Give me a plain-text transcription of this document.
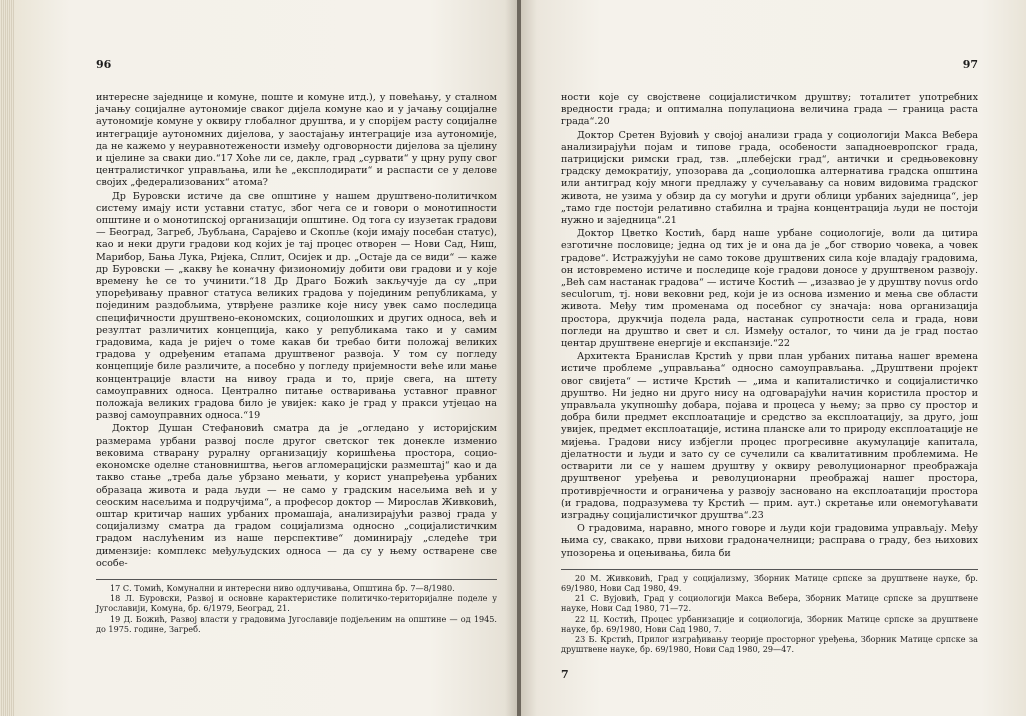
96

интересне заједнице и комуне, поште и комуне итд.), у повећању, у сталном јачању социјалне аутономије сваког дијела комуне као и у јачању социјалне аутономије комуне у оквиру глобалног друштва, и у спорijем расту социјалне интеграције аутономних дијелова, у заостајању интеграције иза аутономије, да не кажемо у неуравнотежености између одговорности дијелова за цјелину и цјелине за сваки дио.“17 Хоће ли се, дакле, град „сурвати“ у црну рупу свог централистичког управљања, или ће „експлодирати“ и распасти се у делове својих „федерализованих“ атома?

Др Буровски истиче да све општине у нашем друштвено-политичком систему имају исти уставни статус, због чега се и говори о монотипности општине и о монотипској организацији општине. Од тога су изузетак градови — Београд, Загреб, Љубљана, Сарајево и Скопље (који имају посебан статус), као и неки други градови код којих је тај процес отворен — Нови Сад, Ниш, Марибор, Бања Лука, Ријека, Сплит, Осијек и др. „Остаје да се види“ — каже др Буровски — „какву ће коначну физиономију добити ови градови и у које времену ће се то учинити.“18 Др Драго Божић закључује да су „при упоређивању правног статуса великих градова у појединим републикама, у појединим раздобљима, утврђене разлике које нису увек само последица специфичности друштвено-економских, социолошких и других односа, већ и резултат различитих концепција, како у републикама тако и у самим градовима, када је ријеч о томе какав би требао бити положај великих градова у одређеним етапама друштвеног развоја. У том су погледу концепције биле различите, а посебно у погледу пријемности веће или мање концентрације власти на нивоу града и то, прије свега, на штету самоуправних односа. Централно питање остваривања уставног правног положаја великих градова било је увијек: како је град у пракси утјецао на развој самоуправних односа.“19

Доктор Душан Стефановић сматра да је „огледано у историјским размерама урбани развој после другог светског тек донекле изменио вековима стварану руралну организацију коришћења простора, социо-економске оделне становништва, његов агломерацијски размештај“ као и да такво стање „треба даље убрзано мењати, у корист унапређења урбаних образаца живота и рада људи — не само у градским насељима већ и у сеоским насељима и подручјима“, а професор доктор — Мирослав Живковић, оштар критичар наших урбаних промашаја, анализирајући развој града у социјализму сматра да градом социјализма односно „социјалистичким градом наслућеним из наше перспективе“ доминирају „следеће три димензије: комплекс међуљудских односа — да су у њему остварене све особе-

17 С. Томић, Комунални и интересни ниво одлучивања, Општина бр. 7—8/1980.

18 Л. Буровски, Развој и основне карактеристике политичко-територијалне поделе у Југославији, Комуна, бр. 6/1979, Београд, 21.

19 Д. Божић, Развој власти у градовима Југославије подјељеним на општине — од 1945. до 1975. године, Загреб.

97

ности које су својствене социјалистичком друштву; тоталитет употребних вредности града; и оптимална популациона величина града — граница раста града“.20

Доктор Сретен Вујовић у својој анализи града у социологији Макса Вебера анализирајући појам и типове града, особености западноевропског града, патрицијски римски град, тзв. „плебејски град“, антички и средњовековну градску демократију, упозорава да „социолошка алтернатива градска општина или антиград коју многи предлажу у сучељавању са новим видовима градског живота, не узима у обзир да су могући и други облици урбаних заједница“, јер „тамо где постоји релативно стабилна и трајна концентрација људи не постоји нужно и заједница“.21

Доктор Цветко Костић, бард наше урбане социологије, воли да цитира езготичне пословице; једна од тих је и она да је „бог створио човека, а човек градове“. Истражујући не само токове друштвених сила које владају градовима, он истовремено истиче и последице које градови доносе у друштвеном развоју. „Већ сам настанак градова“ — истиче Костић — „изазвао је у друштву novus ordo seculorum, тј. нови вековни ред, који је из основа изменио и мења све области живота. Међу тим променама од посебног су значаја: нова организација простора, друкчија подела рада, настанак супротности села и града, нови погледи на друштво и свет и сл. Између осталог, то чини да је град постао центар друштвене енергије и експанзије.“22

Архитекта Бранислав Крстић у први план урбаних питања нашег времена истиче проблеме „управљања“ односно самоуправљања. „Друштвени пројект овог свијета“ — истиче Крстић — „има и капиталистичко и социјалистичко друштво. Ни једно ни друго нису на одговарајући начин користила простор и управљала укупношћу добара, појава и процеса у њему; за прво су простор и добра били предмет експлоатације и средство за експлоатацију, за друго, још увијек, предмет експлоатације, истина планске али то природу експлоатације не мијења. Градови нису избјегли процес прогресивне акумулације капитала, дјелатности и људи и зато су се сучелили са квалитативним проблемима. Не остварити ли се у нашем друштву у оквиру револуционарног преображаја друштвеног уређења и револуционарни преображај нашег простора, противрјечности и ограничења у развоју засновано на експлоатацији простора (и градова, подразумева ту Крстић — прим. аут.) скретање или онемогућавати изградњу социјалистичког друштва“.23

О градовима, наравно, много говоре и људи који градовима управљају. Међу њима су, свакако, први њихови градоначелници; расправа о граду, без њихових упозорења и оцењивања, била би

20 М. Живковић, Град у социјализму, Зборник Матице српске за друштвене науке, бр. 69/1980, Нови Сад 1980, 49.

21 С. Вујовић, Град у социологији Макса Вебера, Зборник Матице српске за друштвене науке, Нови Сад 1980, 71—72.

22 Ц. Костић, Процес урбанизације и социологија, Зборник Матице српске за друштвене науке, бр. 69/1980, Нови Сад 1980, 7.

23 Б. Крстић, Прилог изграђивању теорије просторног уређења, Зборник Матице српске за друштвене науке, бр. 69/1980, Нови Сад 1980, 29—47.

7
